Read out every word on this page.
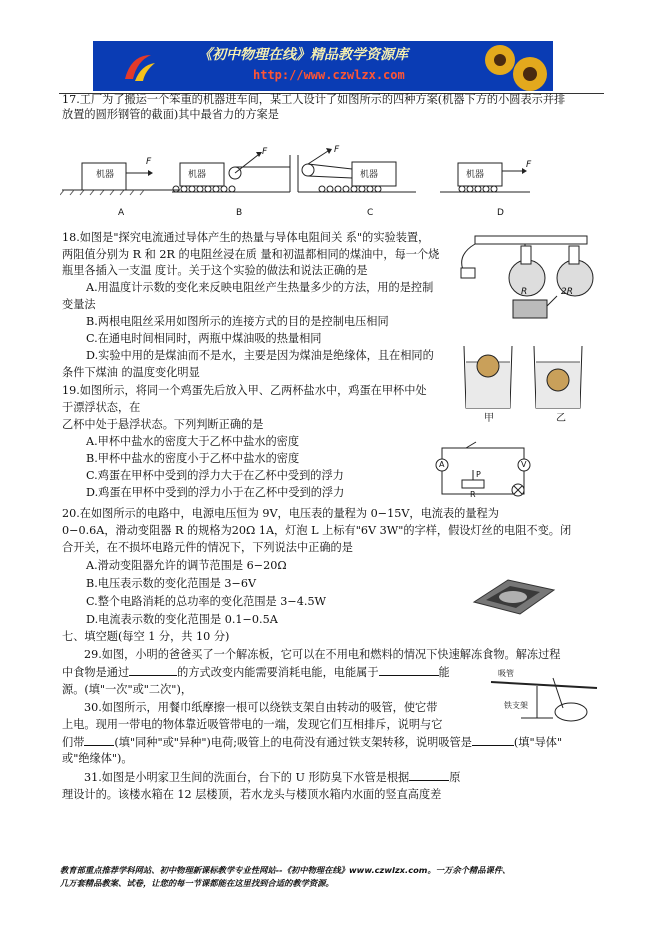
《初中物理在线》精品教学资源库
http://www.czwlzx.com
17.工厂为了搬运一个笨重的机器进车间，某工人设计了如图所示的四种方案(机器下方的小圆表示并排
放置的圆形钢管的截面)其中最省力的方案是
机器	机器	机器	机器
F
F	F
F
A	B	C	D
18.如图是"探究电流通过导体产生的热量与导体电阻间关 系"的实验装置，
两阻值分别为 R 和 2R 的电阻丝浸在质 量和初温都相同的煤油中，每一个烧
瓶里各插入一支温 度计。关于这个实验的做法和说法正确的是
A.用温度计示数的变化来反映电阻丝产生热量多少的方法，用的是控制
变量法
B.两根电阻丝采用如图所示的连接方式的目的是控制电压相同
C.在通电时间相同时，两瓶中煤油吸的热量相同
D.实验中用的是煤油而不是水，主要是因为煤油是绝缘体，且在相同的
条件下煤油 的温度变化明显
R	2R
19.如图所示，将同一个鸡蛋先后放入甲、乙两杯盐水中，鸡蛋在甲杯中处
于漂浮状态，在
乙杯中处于悬浮状态。下列判断正确的是
A.甲杯中盐水的密度大于乙杯中盐水的密度
B.甲杯中盐水的密度小于乙杯中盐水的密度
C.鸡蛋在甲杯中受到的浮力大于在乙杯中受到的浮力
D.鸡蛋在甲杯中受到的浮力小于在乙杯中受到的浮力
甲	乙
A	V
R
P
20.在如图所示的电路中，电源电压恒为 9V，电压表的量程为 0−15V，电流表的量程为
0−0.6A，滑动变阻器 R 的规格为20Ω 1A，灯泡 L 上标有"6V 3W"的字样，假设灯丝的电阻不变。闭
合开关，在不损坏电路元件的情况下，下列说法中正确的是
A.滑动变阻器允许的调节范围是 6−20Ω
B.电压表示数的变化范围是 3−6V
C.整个电路消耗的总功率的变化范围是 3−4.5W
D.电流表示数的变化范围是 0.1−0.5A
七、填空题(每空 1 分，共 10 分)
29.如图，小明的爸爸买了一个解冻板，它可以在不用电和燃料的情况下快速解冻食物。解冻过程
中食物是通过	的方式改变内能需要消耗电能，电能属于	能
源。(填"一次"或"二次")，
30.如图所示，用餐巾纸摩擦一根可以绕铁支架自由转动的吸管，使它带
上电。现用一带电的物体靠近吸管带电的一端，发现它们互相排斥，说明与它
们带	(填"同种"或"异种")电荷;吸管上的电荷没有通过铁支架转移，说明吸管是	(填"导体"
或"绝缘体")。
吸管
铁支架
31.如图是小明家卫生间的洗面台，台下的 U 形防臭下水管是根据	原
理设计的。该楼水箱在 12 层楼顶，若水龙头与楼顶水箱内水面的竖直高度差
教育部重点推荐学科网站、初中物理新课标教学专业性网站--《初中物理在线》www.czwlzx.com。一万余个精品课件、
几万套精品教案、试卷，让您的每一节课都能在这里找到合适的教学资源。
